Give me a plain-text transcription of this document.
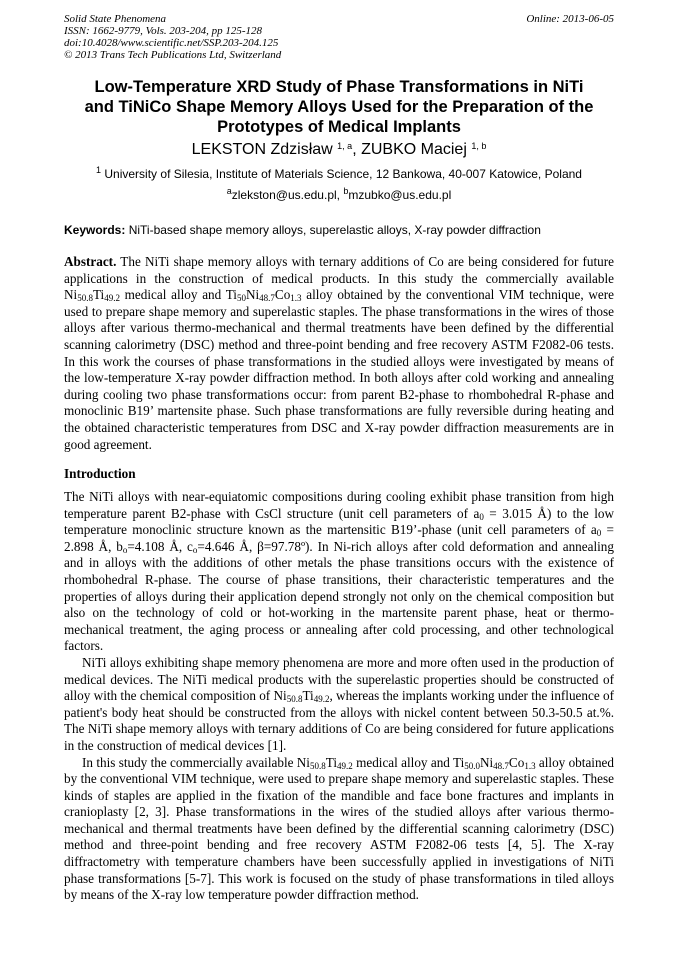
Solid State Phenomena
ISSN: 1662-9779, Vols. 203-204, pp 125-128
doi:10.4028/www.scientific.net/SSP.203-204.125
© 2013 Trans Tech Publications Ltd, Switzerland
Online: 2013-06-05
Low-Temperature XRD Study of Phase Transformations in NiTi
and TiNiCo Shape Memory Alloys Used for the Preparation of the
Prototypes of Medical Implants
LEKSTON Zdzisław $^{1, a}$, ZUBKO Maciej $^{1, b}$
$^1$ University of Silesia, Institute of Materials Science, 12 Bankowa, 40-007 Katowice, Poland
$^a$zlekston@us.edu.pl, $^b$mzubko@us.edu.pl
Keywords: NiTi-based shape memory alloys, superelastic alloys, X-ray powder diffraction

Abstract. The NiTi shape memory alloys with ternary additions of Co are being considered for future applications in the construction of medical products. In this study the commercially available $Ni_{50.8}Ti_{49.2}$ medical alloy and $Ti_{50}Ni_{48.7}Co_{1.3}$ alloy obtained by the conventional VIM technique, were used to prepare shape memory and superelastic staples. The phase transformations in the wires of those alloys after various thermo-mechanical and thermal treatments have been defined by the differential scanning calorimetry (DSC) method and three-point bending and free recovery ASTM F2082-06 tests. In this work the courses of phase transformations in the studied alloys were investigated by means of the low-temperature X-ray powder diffraction method. In both alloys after cold working and annealing during cooling two phase transformations occur: from parent B2-phase to rhombohedral R-phase and monoclinic B19’ martensite phase. Such phase transformations are fully reversible during heating and the obtained characteristic temperatures from DSC and X-ray powder diffraction measurements are in good agreement.

Introduction

The NiTi alloys with near-equiatomic compositions during cooling exhibit phase transition from high temperature parent B2-phase with CsCl structure (unit cell parameters of $a_0 = 3.015$ Å) to the low temperature monoclinic structure known as the martensitic B19’-phase (unit cell parameters of $a_0 = 2.898$ Å, $b_o=4.108$ Å, $c_o=4.646$ Å, β=97.78º). In Ni-rich alloys after cold deformation and annealing and in alloys with the additions of other metals the phase transitions occurs with the existence of rhombohedral R-phase. The course of phase transitions, their characteristic temperatures and the properties of alloys during their application depend strongly not only on the chemical composition but also on the technology of cold or hot-working in the martensite parent phase, heat or thermo-mechanical treatment, the aging process or annealing after cold processing, and other technological factors.

NiTi alloys exhibiting shape memory phenomena are more and more often used in the production of medical devices. The NiTi medical products with the superelastic properties should be constructed of alloy with the chemical composition of $Ni_{50.8}Ti_{49.2}$, whereas the implants working under the influence of patient's body heat should be constructed from the alloys with nickel content between 50.3-50.5 at.%. The NiTi shape memory alloys with ternary additions of Co are being considered for future applications in the construction of medical devices [1].

In this study the commercially available $Ni_{50.8}Ti_{49.2}$ medical alloy and $Ti_{50.0}Ni_{48.7}Co_{1.3}$ alloy obtained by the conventional VIM technique, were used to prepare shape memory and superelastic staples. These kinds of staples are applied in the fixation of the mandible and face bone fractures and implants in cranioplasty [2, 3]. Phase transformations in the wires of the studied alloys after various thermo-mechanical and thermal treatments have been defined by the differential scanning calorimetry (DSC) method and three-point bending and free recovery ASTM F2082-06 tests [4, 5]. The X-ray diffractometry with temperature chambers have been successfully applied in investigations of NiTi phase transformations [5-7]. This work is focused on the study of phase transformations in tiled alloys by means of the X-ray low temperature powder diffraction method.
